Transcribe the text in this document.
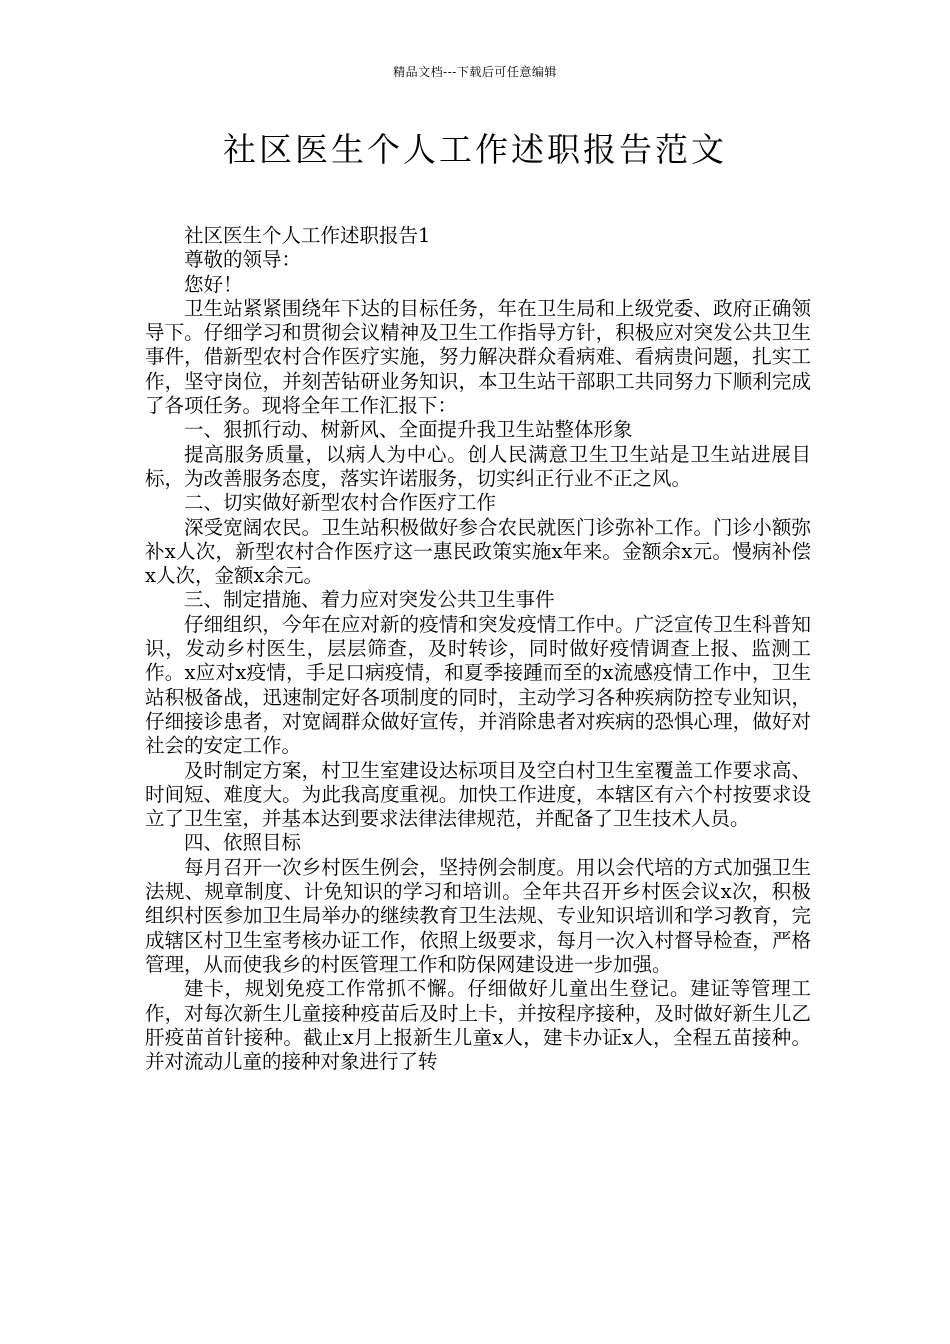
精品文档---下载后可任意编辑
社区医生个人工作述职报告范文

社区医生个人工作述职报告1

尊敬的领导：

您好！

卫生站紧紧围绕年下达的目标任务，年在卫生局和上级党委、政府正确领导下。仔细学习和贯彻会议精神及卫生工作指导方针，积极应对突发公共卫生事件，借新型农村合作医疗实施，努力解决群众看病难、看病贵问题，扎实工作，坚守岗位，并刻苦钻研业务知识，本卫生站干部职工共同努力下顺利完成了各项任务。现将全年工作汇报下：

一、狠抓行动、树新风、全面提升我卫生站整体形象

提高服务质量，以病人为中心。创人民满意卫生卫生站是卫生站进展目标，为改善服务态度，落实许诺服务，切实纠正行业不正之风。

二、切实做好新型农村合作医疗工作

深受宽阔农民。卫生站积极做好参合农民就医门诊弥补工作。门诊小额弥补x人次，新型农村合作医疗这一惠民政策实施x年来。金额余x元。慢病补偿x人次，金额x余元。

三、制定措施、着力应对突发公共卫生事件

仔细组织，今年在应对新的疫情和突发疫情工作中。广泛宣传卫生科普知识，发动乡村医生，层层筛查，及时转诊，同时做好疫情调查上报、监测工作。x应对x疫情，手足口病疫情，和夏季接踵而至的x流感疫情工作中，卫生站积极备战，迅速制定好各项制度的同时，主动学习各种疾病防控专业知识，仔细接诊患者，对宽阔群众做好宣传，并消除患者对疾病的恐惧心理，做好对社会的安定工作。

及时制定方案，村卫生室建设达标项目及空白村卫生室覆盖工作要求高、时间短、难度大。为此我高度重视。加快工作进度，本辖区有六个村按要求设立了卫生室，并基本达到要求法律法律规范，并配备了卫生技术人员。

四、依照目标

每月召开一次乡村医生例会，坚持例会制度。用以会代培的方式加强卫生法规、规章制度、计免知识的学习和培训。全年共召开乡村医会议x次，积极组织村医参加卫生局举办的继续教育卫生法规、专业知识培训和学习教育，完成辖区村卫生室考核办证工作，依照上级要求，每月一次入村督导检查，严格管理，从而使我乡的村医管理工作和防保网建设进一步加强。

建卡，规划免疫工作常抓不懈。仔细做好儿童出生登记。建证等管理工作，对每次新生儿童接种疫苗后及时上卡，并按程序接种，及时做好新生儿乙肝疫苗首针接种。截止x月上报新生儿童x人，建卡办证x人，全程五苗接种。并对流动儿童的接种对象进行了转
